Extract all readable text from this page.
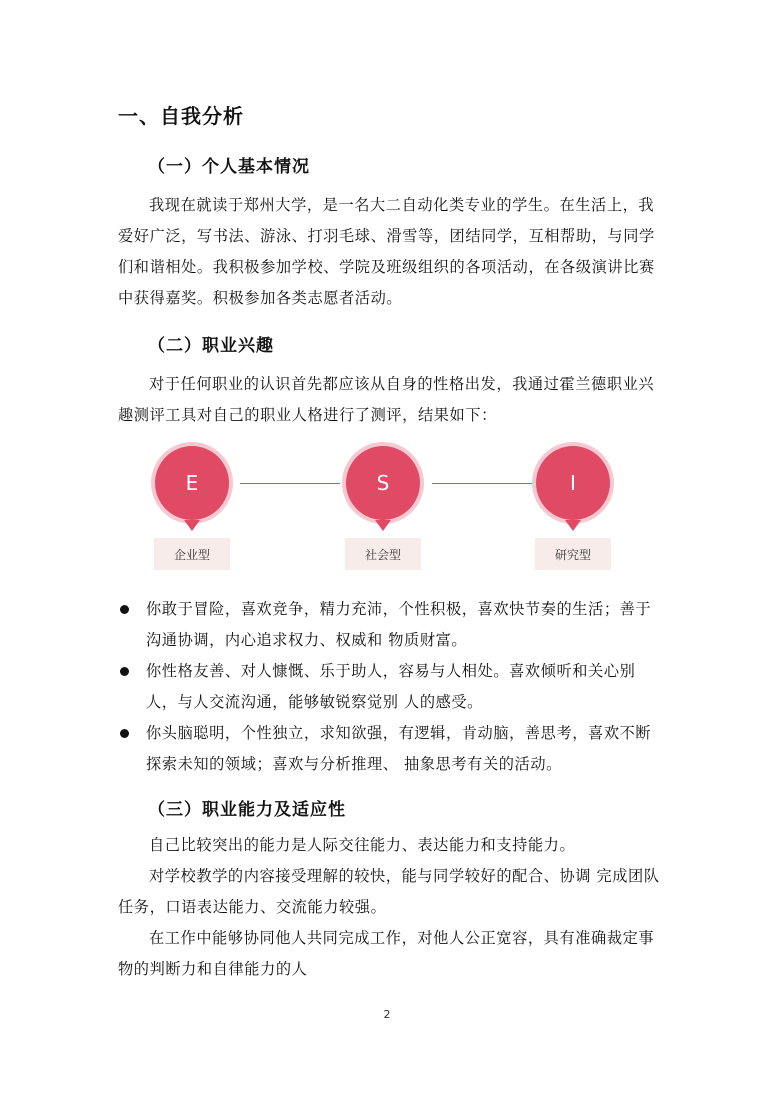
一、自我分析
（一）个人基本情况
我现在就读于郑州大学，是一名大二自动化类专业的学生。在生活上，我爱好广泛，写书法、游泳、打羽毛球、滑雪等，团结同学，互相帮助，与同学们和谐相处。我积极参加学校、学院及班级组织的各项活动，在各级演讲比赛中获得嘉奖。积极参加各类志愿者活动。
（二）职业兴趣
对于任何职业的认识首先都应该从自身的性格出发，我通过霍兰德职业兴趣测评工具对自己的职业人格进行了测评，结果如下：
E
企业型
S
社会型
I
研究型
你敢于冒险，喜欢竞争，精力充沛，个性积极，喜欢快节奏的生活；善于沟通协调，内心追求权力、权威和 物质财富。
你性格友善、对人慷慨、乐于助人，容易与人相处。喜欢倾听和关心别人，与人交流沟通，能够敏锐察觉别 人的感受。
你头脑聪明，个性独立，求知欲强，有逻辑，肯动脑，善思考，喜欢不断探索未知的领域；喜欢与分析推理、 抽象思考有关的活动。
（三）职业能力及适应性
自己比较突出的能力是人际交往能力、表达能力和支持能力。
对学校教学的内容接受理解的较快，能与同学较好的配合、协调 完成团队任务，口语表达能力、交流能力较强。
在工作中能够协同他人共同完成工作，对他人公正宽容，具有准确裁定事物的判断力和自律能力的人
2
